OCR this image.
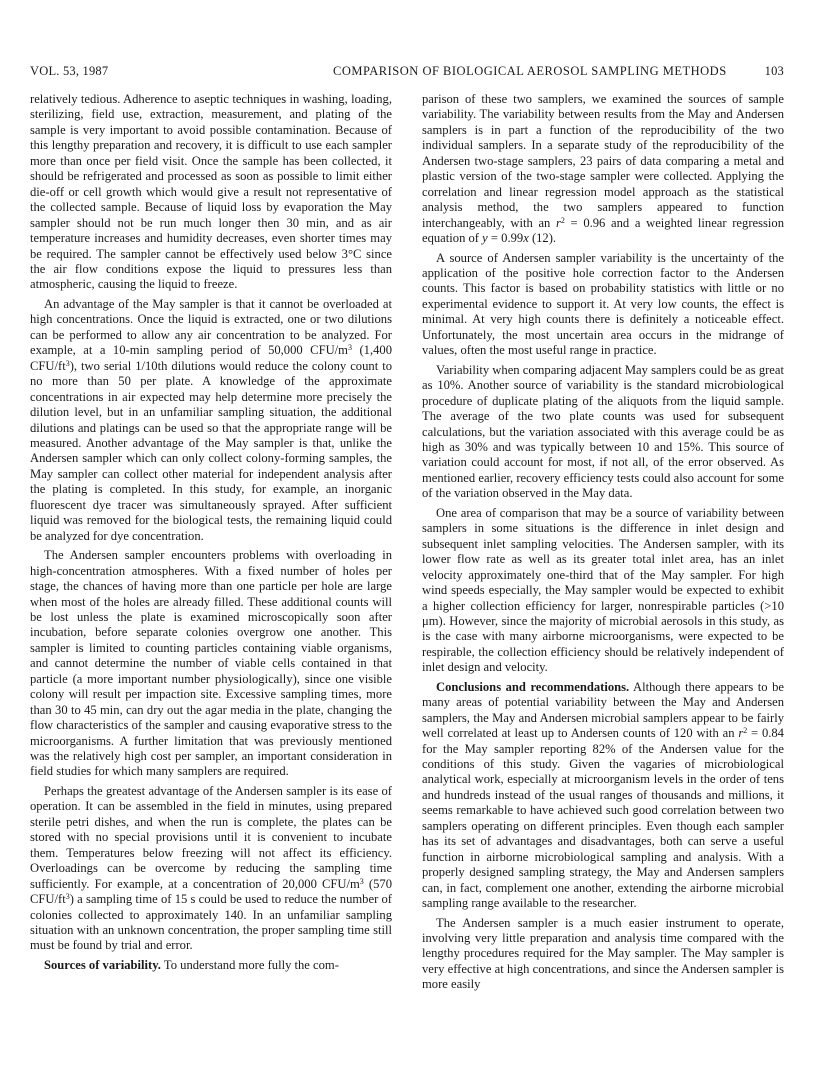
VOL. 53, 1987	COMPARISON OF BIOLOGICAL AEROSOL SAMPLING METHODS	103

relatively tedious. Adherence to aseptic techniques in washing, loading, sterilizing, field use, extraction, measurement, and plating of the sample is very important to avoid possible contamination. Because of this lengthy preparation and recovery, it is difficult to use each sampler more than once per field visit. Once the sample has been collected, it should be refrigerated and processed as soon as possible to limit either die-off or cell growth which would give a result not representative of the collected sample. Because of liquid loss by evaporation the May sampler should not be run much longer then 30 min, and as air temperature increases and humidity decreases, even shorter times may be required. The sampler cannot be effectively used below 3°C since the air flow conditions expose the liquid to pressures less than atmospheric, causing the liquid to freeze.

An advantage of the May sampler is that it cannot be overloaded at high concentrations. Once the liquid is extracted, one or two dilutions can be performed to allow any air concentration to be analyzed. For example, at a 10-min sampling period of 50,000 CFU/$m^3$ (1,400 CFU/$ft^3$), two serial 1/10th dilutions would reduce the colony count to no more than 50 per plate. A knowledge of the approximate concentrations in air expected may help determine more precisely the dilution level, but in an unfamiliar sampling situation, the additional dilutions and platings can be used so that the appropriate range will be measured. Another advantage of the May sampler is that, unlike the Andersen sampler which can only collect colony-forming samples, the May sampler can collect other material for independent analysis after the plating is completed. In this study, for example, an inorganic fluorescent dye tracer was simultaneously sprayed. After sufficient liquid was removed for the biological tests, the remaining liquid could be analyzed for dye concentration.

The Andersen sampler encounters problems with overloading in high-concentration atmospheres. With a fixed number of holes per stage, the chances of having more than one particle per hole are large when most of the holes are already filled. These additional counts will be lost unless the plate is examined microscopically soon after incubation, before separate colonies overgrow one another. This sampler is limited to counting particles containing viable organisms, and cannot determine the number of viable cells contained in that particle (a more important number physiologically), since one visible colony will result per impaction site. Excessive sampling times, more than 30 to 45 min, can dry out the agar media in the plate, changing the flow characteristics of the sampler and causing evaporative stress to the microorganisms. A further limitation that was previously mentioned was the relatively high cost per sampler, an important consideration in field studies for which many samplers are required.

Perhaps the greatest advantage of the Andersen sampler is its ease of operation. It can be assembled in the field in minutes, using prepared sterile petri dishes, and when the run is complete, the plates can be stored with no special provisions until it is convenient to incubate them. Temperatures below freezing will not affect its efficiency. Overloadings can be overcome by reducing the sampling time sufficiently. For example, at a concentration of 20,000 CFU/$m^3$ (570 CFU/$ft^3$) a sampling time of 15 s could be used to reduce the number of colonies collected to approximately 140. In an unfamiliar sampling situation with an unknown concentration, the proper sampling time still must be found by trial and error.

Sources of variability. To understand more fully the com-

parison of these two samplers, we examined the sources of sample variability. The variability between results from the May and Andersen samplers is in part a function of the reproducibility of the two individual samplers. In a separate study of the reproducibility of the Andersen two-stage samplers, 23 pairs of data comparing a metal and plastic version of the two-stage sampler were collected. Applying the correlation and linear regression model approach as the statistical analysis method, the two samplers appeared to function interchangeably, with an $r^2 = 0.96$ and a weighted linear regression equation of y = 0.99x (12).

A source of Andersen sampler variability is the uncertainty of the application of the positive hole correction factor to the Andersen counts. This factor is based on probability statistics with little or no experimental evidence to support it. At very low counts, the effect is minimal. At very high counts there is definitely a noticeable effect. Unfortunately, the most uncertain area occurs in the midrange of values, often the most useful range in practice.

Variability when comparing adjacent May samplers could be as great as 10%. Another source of variability is the standard microbiological procedure of duplicate plating of the aliquots from the liquid sample. The average of the two plate counts was used for subsequent calculations, but the variation associated with this average could be as high as 30% and was typically between 10 and 15%. This source of variation could account for most, if not all, of the error observed. As mentioned earlier, recovery efficiency tests could also account for some of the variation observed in the May data.

One area of comparison that may be a source of variability between samplers in some situations is the difference in inlet design and subsequent inlet sampling velocities. The Andersen sampler, with its lower flow rate as well as its greater total inlet area, has an inlet velocity approximately one-third that of the May sampler. For high wind speeds especially, the May sampler would be expected to exhibit a higher collection efficiency for larger, nonrespirable particles (>10 μm). However, since the majority of microbial aerosols in this study, as is the case with many airborne microorganisms, were expected to be respirable, the collection efficiency should be relatively independent of inlet design and velocity.

Conclusions and recommendations. Although there appears to be many areas of potential variability between the May and Andersen samplers, the May and Andersen microbial samplers appear to be fairly well correlated at least up to Andersen counts of 120 with an $r^2 = 0.84$ for the May sampler reporting 82% of the Andersen value for the conditions of this study. Given the vagaries of microbiological analytical work, especially at microorganism levels in the order of tens and hundreds instead of the usual ranges of thousands and millions, it seems remarkable to have achieved such good correlation between two samplers operating on different principles. Even though each sampler has its set of advantages and disadvantages, both can serve a useful function in airborne microbiological sampling and analysis. With a properly designed sampling strategy, the May and Andersen samplers can, in fact, complement one another, extending the airborne microbial sampling range available to the researcher.

The Andersen sampler is a much easier instrument to operate, involving very little preparation and analysis time compared with the lengthy procedures required for the May sampler. The May sampler is very effective at high concentrations, and since the Andersen sampler is more easily
